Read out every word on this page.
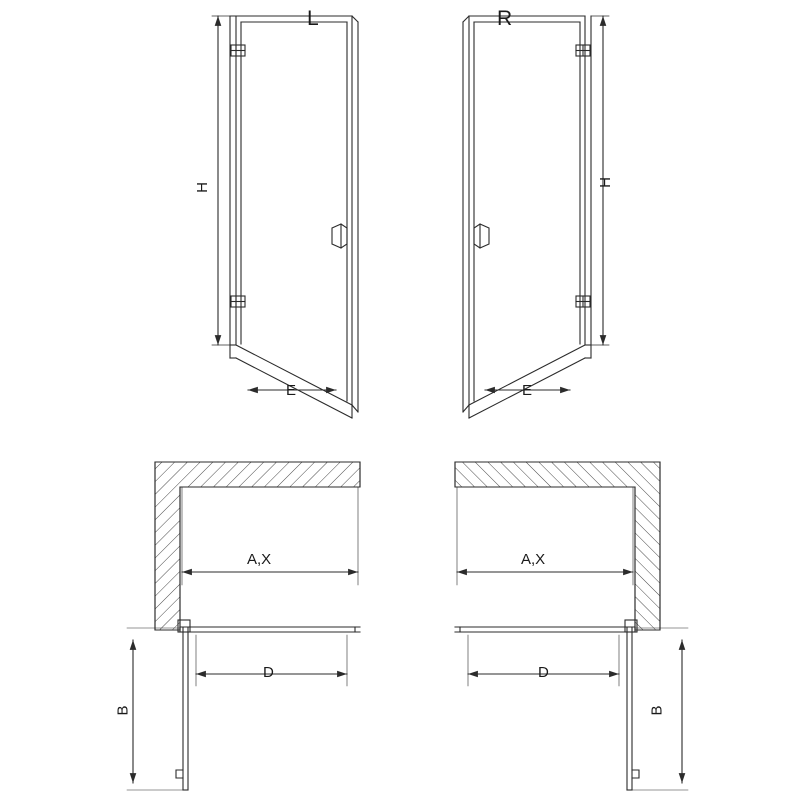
L	R
H	H
E	E
A,X	A,X
D	D
B	B
